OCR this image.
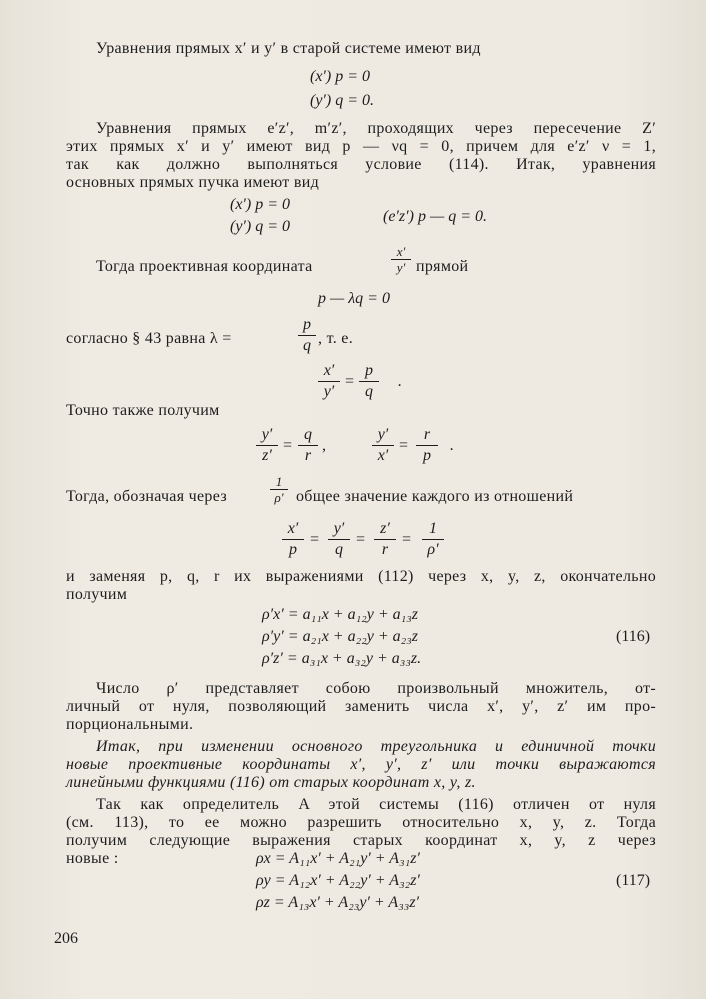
Уравнения прямых x′ и y′ в старой системе имеют вид
(x′) p = 0
(y′) q = 0.
Уравнения прямых e′z′, m′z′, проходящих через пересечение Z′
этих прямых x′ и y′ имеют вид p — νq = 0, причем для e′z′ ν = 1,
так как должно выполняться условие (114). Итак, уравнения
основных прямых пучка имеют вид
(x′) p = 0
(y′) q = 0
(e′z′) p — q = 0.
Тогда проективная координата
x′
y′ прямой
p — λq = 0
согласно § 43 равна λ =
p
q , т. е.
x′
y′
=
p
q
.
Точно также получим
y′
z′
=
q
r
,
y′
x′
=
r
p
.
Тогда, обозначая через
1
ρ′ общее значение каждого из отношений
x′
p
=
y′
q
=
z′
r
=
1
ρ′
и заменяя p, q, r их выражениями (112) через x, y, z, окончательно
получим
ρ′x′ = a₁₁x + a₁₂y + a₁₃z
ρ′y′ = a₂₁x + a₂₂y + a₂₃z
ρ′z′ = a₃₁x + a₃₂y + a₃₃z.
(116)
Число ρ′ представляет собою произвольный множитель, от-
личный от нуля, позволяющий заменить числа x′, y′, z′ им про-
порциональными.
Итак, при изменении основного треугольника и единичной точки
новые проективные координаты x′, y′, z′ или точки выражаются
линейными функциями (116) от старых координат x, y, z.
Так как определитель A этой системы (116) отличен от нуля
(см. 113), то ее можно разрешить относительно x, y, z. Тогда
получим следующие выражения старых координат x, y, z через
новые :	ρx = A₁₁x′ + A₂₁y′ + A₃₁z′
ρy = A₁₂x′ + A₂₂y′ + A₃₂z′
ρz = A₁₃x′ + A₂₃y′ + A₃₃z′
(117)
206
